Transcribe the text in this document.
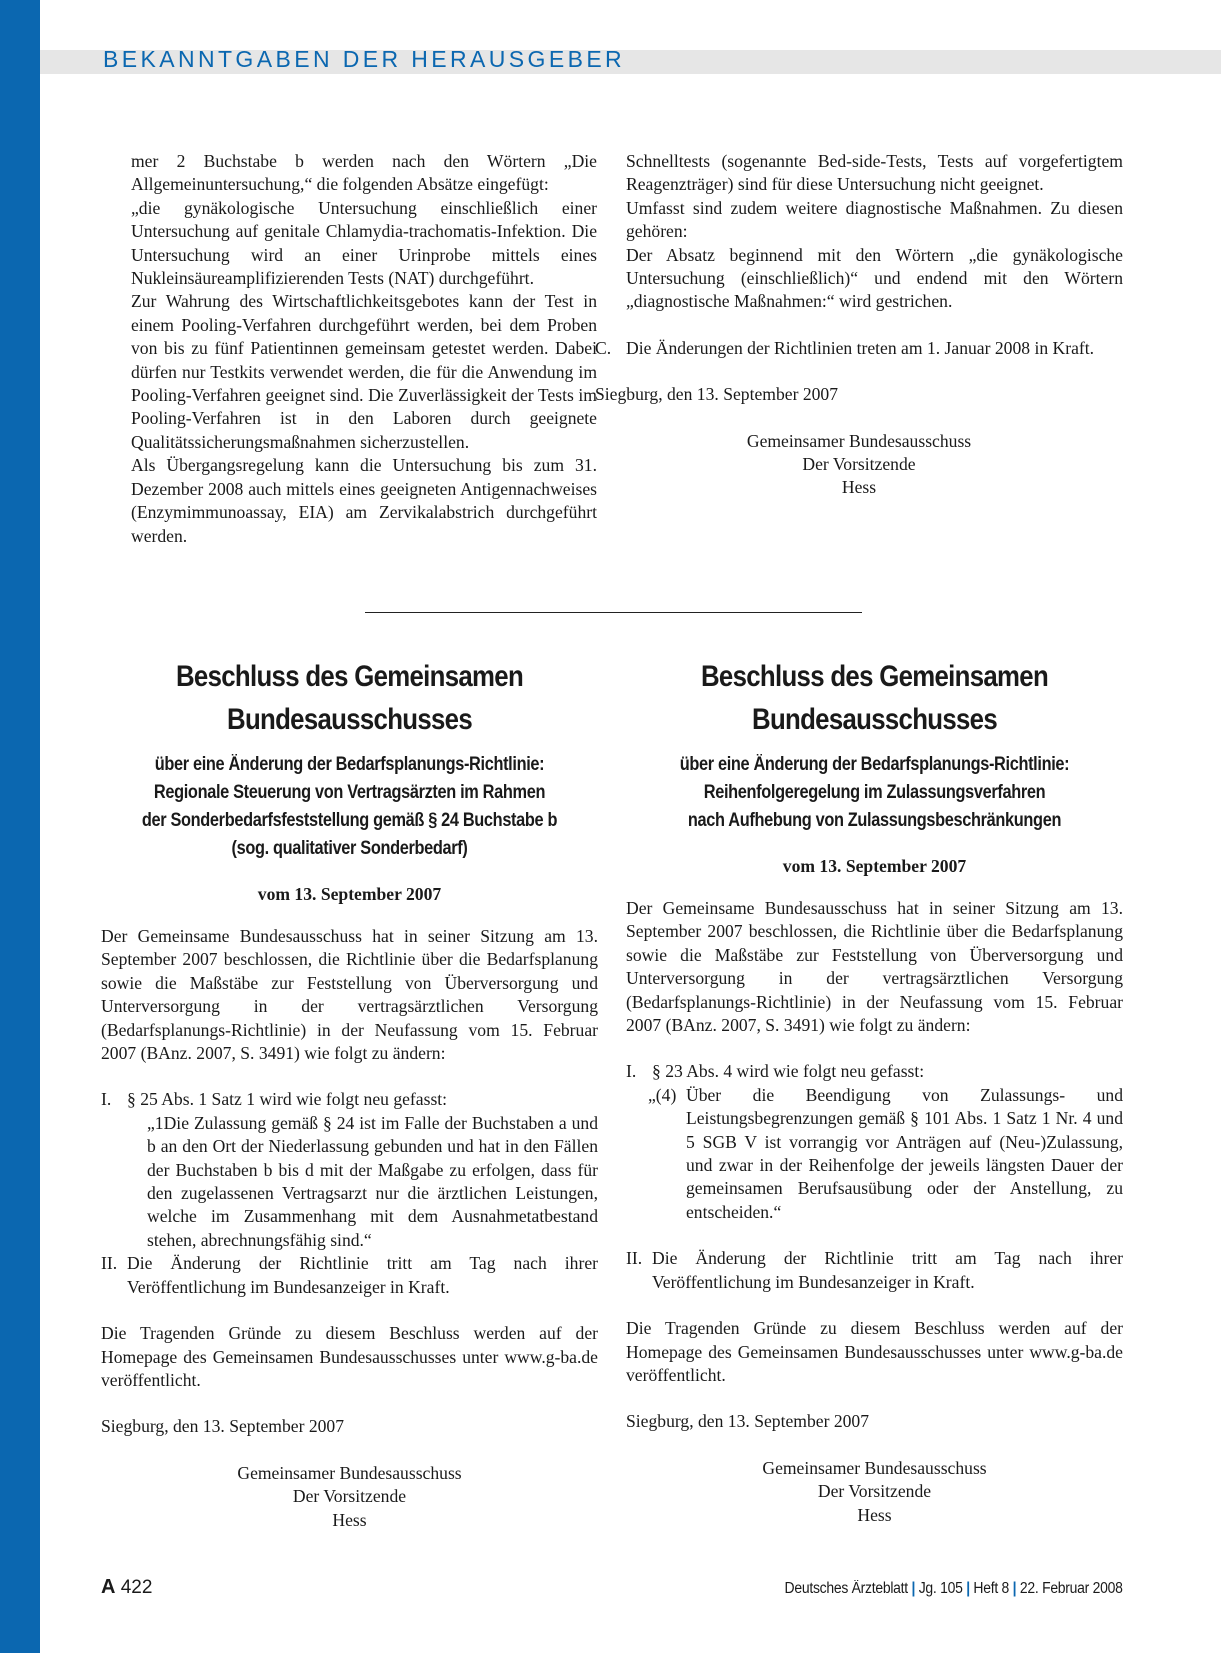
BEKANNTGABEN DER HERAUSGEBER

mer 2 Buchstabe b werden nach den Wörtern „Die Allgemeinuntersuchung,“ die folgenden Absätze eingefügt:

„die gynäkologische Untersuchung einschließlich einer Untersuchung auf genitale Chlamydia-trachomatis-Infektion. Die Untersuchung wird an einer Urinprobe mittels eines Nukleinsäureamplifizierenden Tests (NAT) durchgeführt.

Zur Wahrung des Wirtschaftlichkeitsgebotes kann der Test in einem Pooling-Verfahren durchgeführt werden, bei dem Proben von bis zu fünf Patientinnen gemeinsam getestet werden. Dabei dürfen nur Testkits verwendet werden, die für die Anwendung im Pooling-Verfahren geeignet sind. Die Zuverlässigkeit der Tests im Pooling-Verfahren ist in den Laboren durch geeignete Qualitätssicherungsmaßnahmen sicherzustellen.

Als Übergangsregelung kann die Untersuchung bis zum 31. Dezember 2008 auch mittels eines geeigneten Antigennachweises (Enzymimmunoassay, EIA) am Zervikalabstrich durchgeführt werden.

Schnelltests (sogenannte Bed-side-Tests, Tests auf vorgefertigtem Reagenzträger) sind für diese Untersuchung nicht geeignet.

Umfasst sind zudem weitere diagnostische Maßnahmen. Zu diesen gehören:

Der Absatz beginnend mit den Wörtern „die gynäkologische Untersuchung (einschließlich)“ und endend mit den Wörtern „diagnostische Maßnahmen:“ wird gestrichen.

C. Die Änderungen der Richtlinien treten am 1. Januar 2008 in Kraft.

Siegburg, den 13. September 2007

Gemeinsamer Bundesausschuss
Der Vorsitzende
Hess
Beschluss des Gemeinsamen
Bundesausschusses
über eine Änderung der Bedarfsplanungs-Richtlinie:
Regionale Steuerung von Vertragsärzten im Rahmen
der Sonderbedarfsfeststellung gemäß § 24 Buchstabe b
(sog. qualitativer Sonderbedarf)

vom 13. September 2007

Der Gemeinsame Bundesausschuss hat in seiner Sitzung am 13. September 2007 beschlossen, die Richtlinie über die Bedarfsplanung sowie die Maßstäbe zur Feststellung von Überversorgung und Unterversorgung in der vertragsärztlichen Versorgung (Bedarfsplanungs-Richtlinie) in der Neufassung vom 15. Februar 2007 (BAnz. 2007, S. 3491) wie folgt zu ändern:

I. § 25 Abs. 1 Satz 1 wird wie folgt neu gefasst:

„1Die Zulassung gemäß § 24 ist im Falle der Buchstaben a und b an den Ort der Niederlassung gebunden und hat in den Fällen der Buchstaben b bis d mit der Maßgabe zu erfolgen, dass für den zugelassenen Vertragsarzt nur die ärztlichen Leistungen, welche im Zusammenhang mit dem Ausnahmetatbestand stehen, abrechnungsfähig sind.“

II. Die Änderung der Richtlinie tritt am Tag nach ihrer Veröffentlichung im Bundesanzeiger in Kraft.

Die Tragenden Gründe zu diesem Beschluss werden auf der Homepage des Gemeinsamen Bundesausschusses unter www.g-ba.de veröffentlicht.

Siegburg, den 13. September 2007

Gemeinsamer Bundesausschuss
Der Vorsitzende
Hess
Beschluss des Gemeinsamen
Bundesausschusses
über eine Änderung der Bedarfsplanungs-Richtlinie:
Reihenfolgeregelung im Zulassungsverfahren
nach Aufhebung von Zulassungsbeschränkungen

vom 13. September 2007

Der Gemeinsame Bundesausschuss hat in seiner Sitzung am 13. September 2007 beschlossen, die Richtlinie über die Bedarfsplanung sowie die Maßstäbe zur Feststellung von Überversorgung und Unterversorgung in der vertragsärztlichen Versorgung (Bedarfsplanungs-Richtlinie) in der Neufassung vom 15. Februar 2007 (BAnz. 2007, S. 3491) wie folgt zu ändern:

I. § 23 Abs. 4 wird wie folgt neu gefasst:
„(4) Über die Beendigung von Zulassungs- und Leistungsbegrenzungen gemäß § 101 Abs. 1 Satz 1 Nr. 4 und 5 SGB V ist vorrangig vor Anträgen auf (Neu-)Zulassung, und zwar in der Reihenfolge der jeweils längsten Dauer der gemeinsamen Berufsausübung oder der Anstellung, zu entscheiden.“
II. Die Änderung der Richtlinie tritt am Tag nach ihrer Veröffentlichung im Bundesanzeiger in Kraft.

Die Tragenden Gründe zu diesem Beschluss werden auf der Homepage des Gemeinsamen Bundesausschusses unter www.g-ba.de veröffentlicht.

Siegburg, den 13. September 2007

Gemeinsamer Bundesausschuss
Der Vorsitzende
Hess
A 422	Deutsches Ärzteblatt | Jg. 105 | Heft 8 | 22. Februar 2008
